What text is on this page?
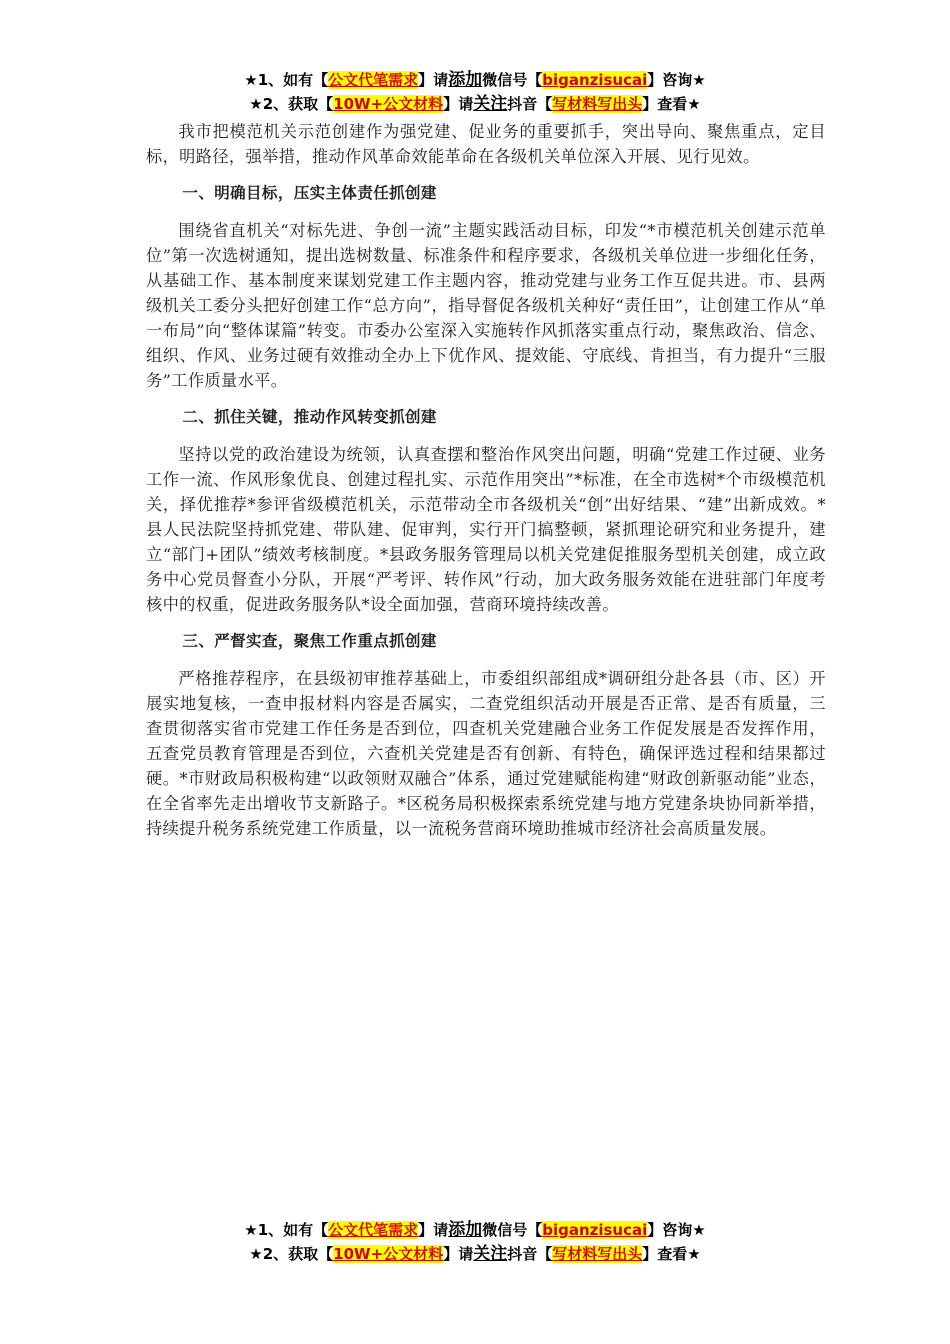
★1、如有【公文代笔需求】请添加微信号【biganzisucai】咨询★
★2、获取【10W+公文材料】请关注抖音【写材料写出头】查看★

我市把模范机关示范创建作为强党建、促业务的重要抓手，突出导向、聚焦重点，定目标，明路径，强举措，推动作风革命效能革命在各级机关单位深入开展、见行见效。

一、明确目标，压实主体责任抓创建

围绕省直机关“对标先进、争创一流”主题实践活动目标，印发“*市模范机关创建示范单位”第一次选树通知，提出选树数量、标准条件和程序要求，各级机关单位进一步细化任务，从基础工作、基本制度来谋划党建工作主题内容，推动党建与业务工作互促共进。市、县两级机关工委分头把好创建工作“总方向”，指导督促各级机关种好“责任田”，让创建工作从“单一布局”向“整体谋篇”转变。市委办公室深入实施转作风抓落实重点行动，聚焦政治、信念、组织、作风、业务过硬有效推动全办上下优作风、提效能、守底线、肯担当，有力提升“三服务”工作质量水平。

二、抓住关键，推动作风转变抓创建

坚持以党的政治建设为统领，认真查摆和整治作风突出问题，明确“党建工作过硬、业务工作一流、作风形象优良、创建过程扎实、示范作用突出”*标准，在全市选树*个市级模范机关，择优推荐*参评省级模范机关，示范带动全市各级机关“创”出好结果、“建”出新成效。*县人民法院坚持抓党建、带队建、促审判，实行开门搞整顿，紧抓理论研究和业务提升，建立“部门+团队”绩效考核制度。*县政务服务管理局以机关党建促推服务型机关创建，成立政务中心党员督查小分队，开展“严考评、转作风”行动，加大政务服务效能在进驻部门年度考核中的权重，促进政务服务队*设全面加强，营商环境持续改善。

三、严督实查，聚焦工作重点抓创建

严格推荐程序，在县级初审推荐基础上，市委组织部组成*调研组分赴各县（市、区）开展实地复核，一查申报材料内容是否属实，二查党组织活动开展是否正常、是否有质量，三查贯彻落实省市党建工作任务是否到位，四查机关党建融合业务工作促发展是否发挥作用，五查党员教育管理是否到位，六查机关党建是否有创新、有特色，确保评选过程和结果都过硬。*市财政局积极构建“以政领财双融合”体系，通过党建赋能构建“财政创新驱动能”业态，在全省率先走出增收节支新路子。*区税务局积极探索系统党建与地方党建条块协同新举措，持续提升税务系统党建工作质量，以一流税务营商环境助推城市经济社会高质量发展。

★1、如有【公文代笔需求】请添加微信号【biganzisucai】咨询★
★2、获取【10W+公文材料】请关注抖音【写材料写出头】查看★
